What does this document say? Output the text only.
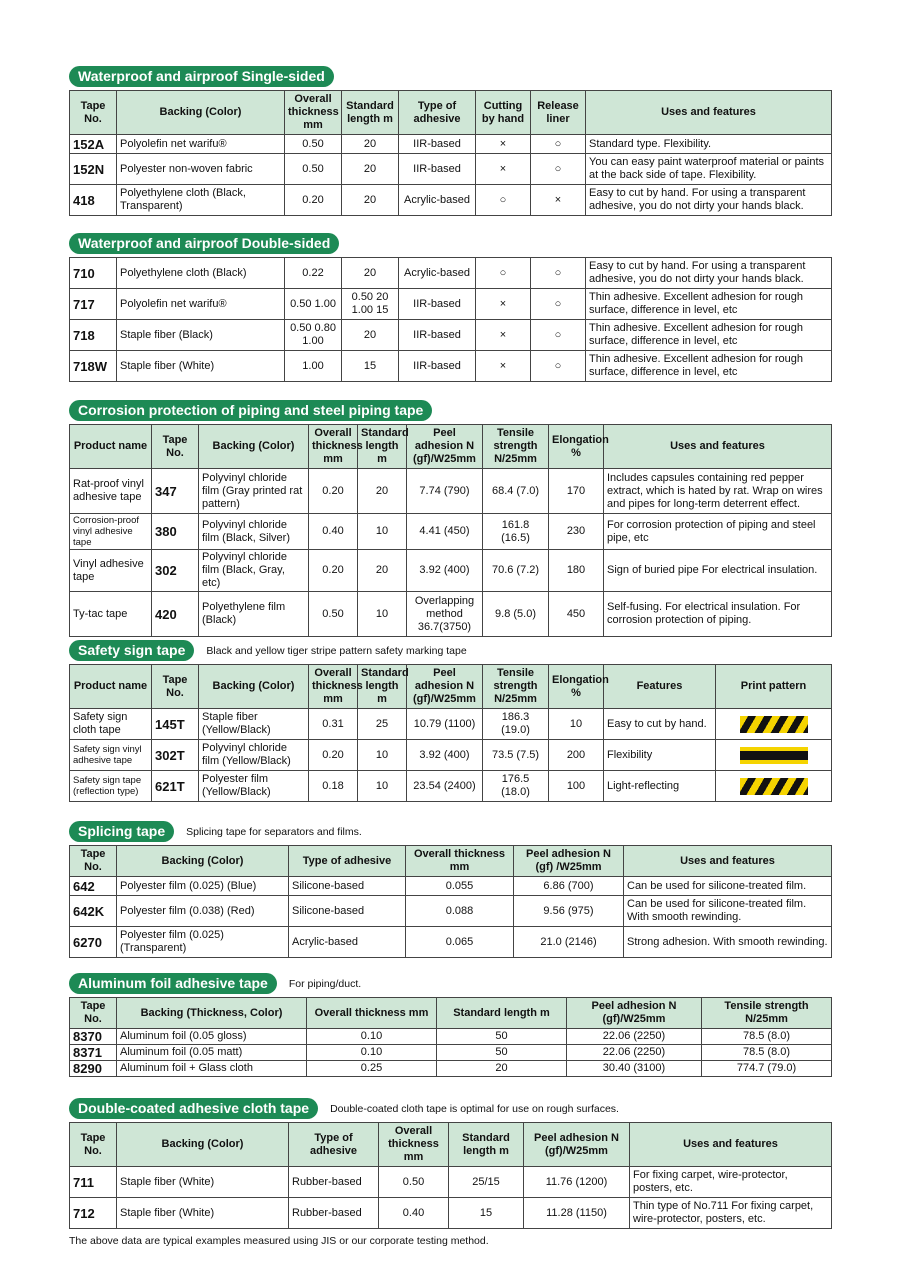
Waterproof and airproof Single-sided
Tape No.	Backing (Color)	Overall thickness mm	Standard length m	Type of adhesive	Cutting by hand	Release liner	Uses and features
152A	Polyolefin net warifu®	0.50	20	IIR-based	×	○	Standard type. Flexibility.
152N	Polyester non-woven fabric	0.50	20	IIR-based	×	○	You can easy paint waterproof material or paints at the back side of tape. Flexibility.
418	Polyethylene cloth (Black, Transparent)	0.20	20	Acrylic-based	○	×	Easy to cut by hand. For using a transparent adhesive, you do not dirty your hands black.
Waterproof and airproof Double-sided
710	Polyethylene cloth (Black)	0.22	20	Acrylic-based	○	○	Easy to cut by hand. For using a transparent adhesive, you do not dirty your hands black.
717	Polyolefin net warifu®	0.50 1.00	0.50 20 1.00 15	IIR-based	×	○	Thin adhesive. Excellent adhesion for rough surface, difference in level, etc
718	Staple fiber (Black)	0.50 0.80 1.00	20	IIR-based	×	○	Thin adhesive. Excellent adhesion for rough surface, difference in level, etc
718W	Staple fiber (White)	1.00	15	IIR-based	×	○	Thin adhesive. Excellent adhesion for rough surface, difference in level, etc
Corrosion protection of piping and steel piping tape
Product name	Tape No.	Backing (Color)	Overall thickness mm	Standard length m	Peel adhesion N (gf)/W25mm	Tensile strength N/25mm	Elongation %	Uses and features
Rat-proof vinyl adhesive tape	347	Polyvinyl chloride film (Gray printed rat pattern)	0.20	20	7.74 (790)	68.4 (7.0)	170	Includes capsules containing red pepper extract, which is hated by rat. Wrap on wires and pipes for long-term deterrent effect.
Corrosion-proof vinyl adhesive tape	380	Polyvinyl chloride film (Black, Silver)	0.40	10	4.41 (450)	161.8 (16.5)	230	For corrosion protection of piping and steel pipe, etc
Vinyl adhesive tape	302	Polyvinyl chloride film (Black, Gray, etc)	0.20	20	3.92 (400)	70.6 (7.2)	180	Sign of buried pipe For electrical insulation.
Ty-tac tape	420	Polyethylene film (Black)	0.50	10	Overlapping method 36.7(3750)	9.8 (5.0)	450	Self-fusing. For electrical insulation. For corrosion protection of piping.
Safety sign tape	Black and yellow tiger stripe pattern safety marking tape
Product name	Tape No.	Backing (Color)	Overall thickness mm	Standard length m	Peel adhesion N (gf)/W25mm	Tensile strength N/25mm	Elongation %	Features	Print pattern
Safety sign cloth tape	145T	Staple fiber (Yellow/Black)	0.31	25	10.79 (1100)	186.3 (19.0)	10	Easy to cut by hand.	
Safety sign vinyl adhesive tape	302T	Polyvinyl chloride film (Yellow/Black)	0.20	10	3.92 (400)	73.5 (7.5)	200	Flexibility	
Safety sign tape (reflection type)	621T	Polyester film (Yellow/Black)	0.18	10	23.54 (2400)	176.5 (18.0)	100	Light-reflecting	
Splicing tape	Splicing tape for separators and films.
Tape No.	Backing (Color)	Type of adhesive	Overall thickness mm	Peel adhesion N (gf) /W25mm	Uses and features
642	Polyester film (0.025) (Blue)	Silicone-based	0.055	6.86 (700)	Can be used for silicone-treated film.
642K	Polyester film (0.038) (Red)	Silicone-based	0.088	9.56 (975)	Can be used for silicone-treated film. With smooth rewinding.
6270	Polyester film (0.025) (Transparent)	Acrylic-based	0.065	21.0 (2146)	Strong adhesion. With smooth rewinding.
Aluminum foil adhesive tape	For piping/duct.
Tape No.	Backing (Thickness, Color)	Overall thickness mm	Standard length m	Peel adhesion N (gf)/W25mm	Tensile strength N/25mm
8370	Aluminum foil (0.05 gloss)	0.10	50	22.06 (2250)	78.5 (8.0)
8371	Aluminum foil (0.05 matt)	0.10	50	22.06 (2250)	78.5 (8.0)
8290	Aluminum foil + Glass cloth	0.25	20	30.40 (3100)	774.7 (79.0)
Double-coated adhesive cloth tape	Double-coated cloth tape is optimal for use on rough surfaces.
Tape No.	Backing (Color)	Type of adhesive	Overall thickness mm	Standard length m	Peel adhesion N (gf)/W25mm	Uses and features
711	Staple fiber (White)	Rubber-based	0.50	25/15	11.76 (1200)	For fixing carpet, wire-protector, posters, etc.
712	Staple fiber (White)	Rubber-based	0.40	15	11.28 (1150)	Thin type of No.711 For fixing carpet, wire-protector, posters, etc.
The above data are typical examples measured using JIS or our corporate testing method.
